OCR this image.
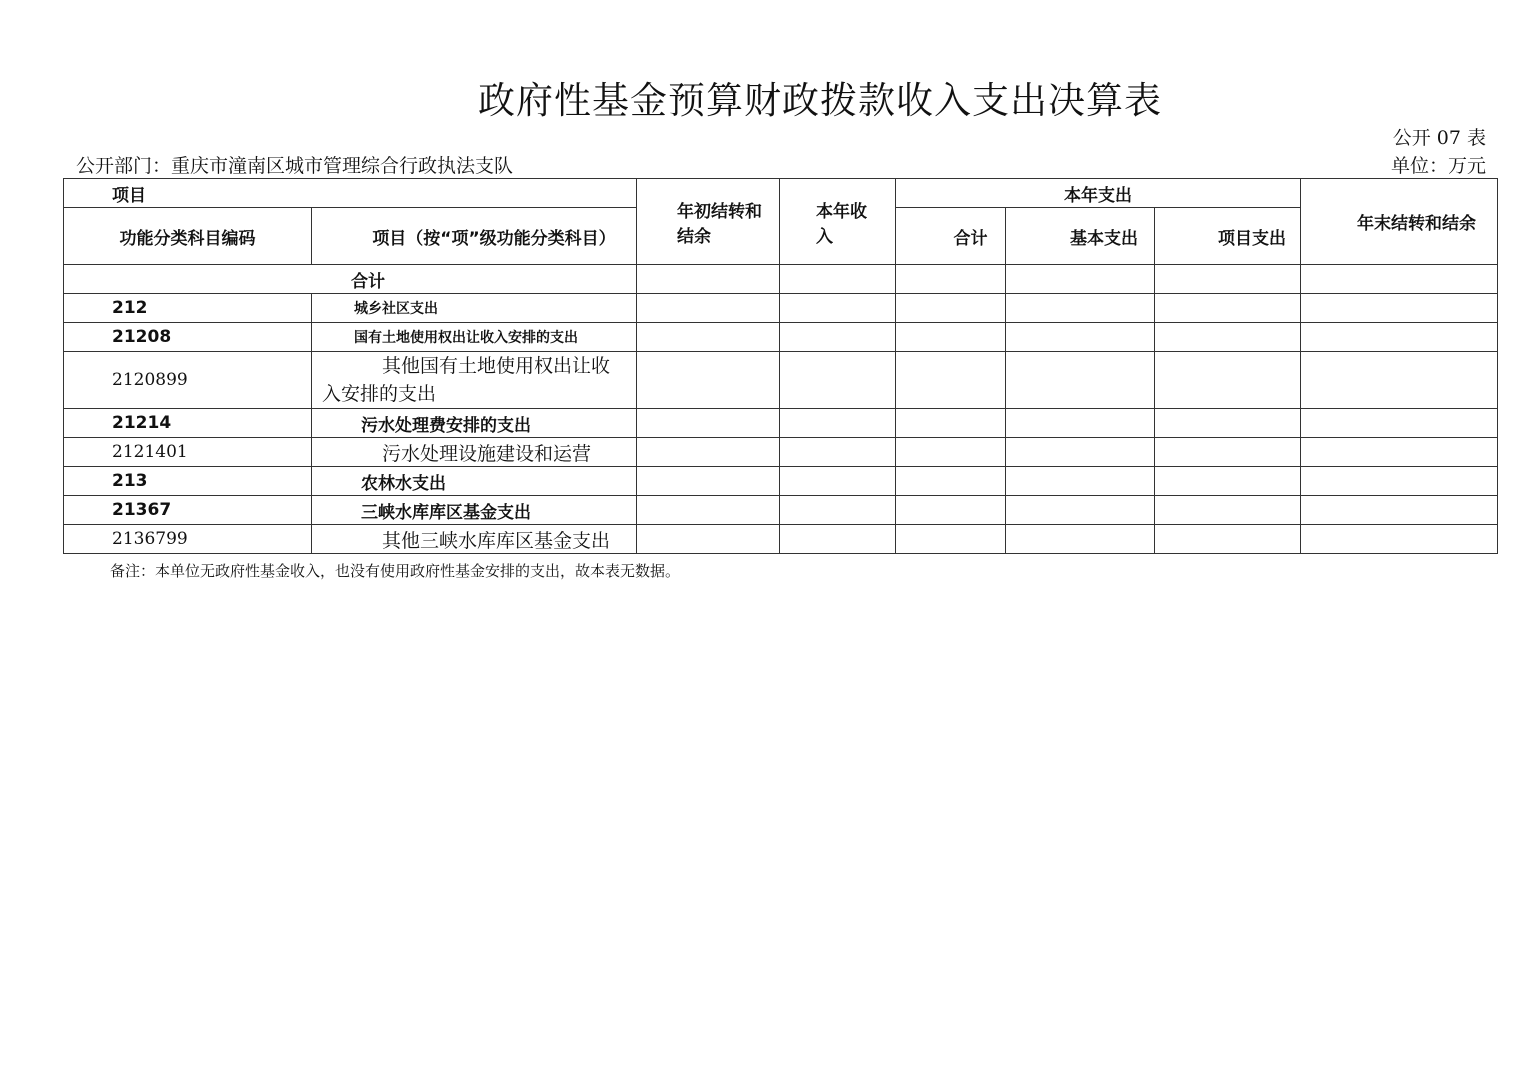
政府性基金预算财政拨款收入支出决算表
公开 07 表
公开部门：重庆市潼南区城市管理综合行政执法支队	单位：万元
项目		年初结转和结余	本年收入	本年支出			年末结转和结余
功能分类科目编码	项目（按“项”级功能分类科目）			合计	基本支出	项目支出	
合计							
212	城乡社区支出						
21208	国有土地使用权出让收入安排的支出						
2120899	其他国有土地使用权出让收入安排的支出						
21214	污水处理费安排的支出						
2121401	污水处理设施建设和运营						
213	农林水支出						
21367	三峡水库库区基金支出						
2136799	其他三峡水库库区基金支出						
备注：本单位无政府性基金收入，也没有使用政府性基金安排的支出，故本表无数据。
